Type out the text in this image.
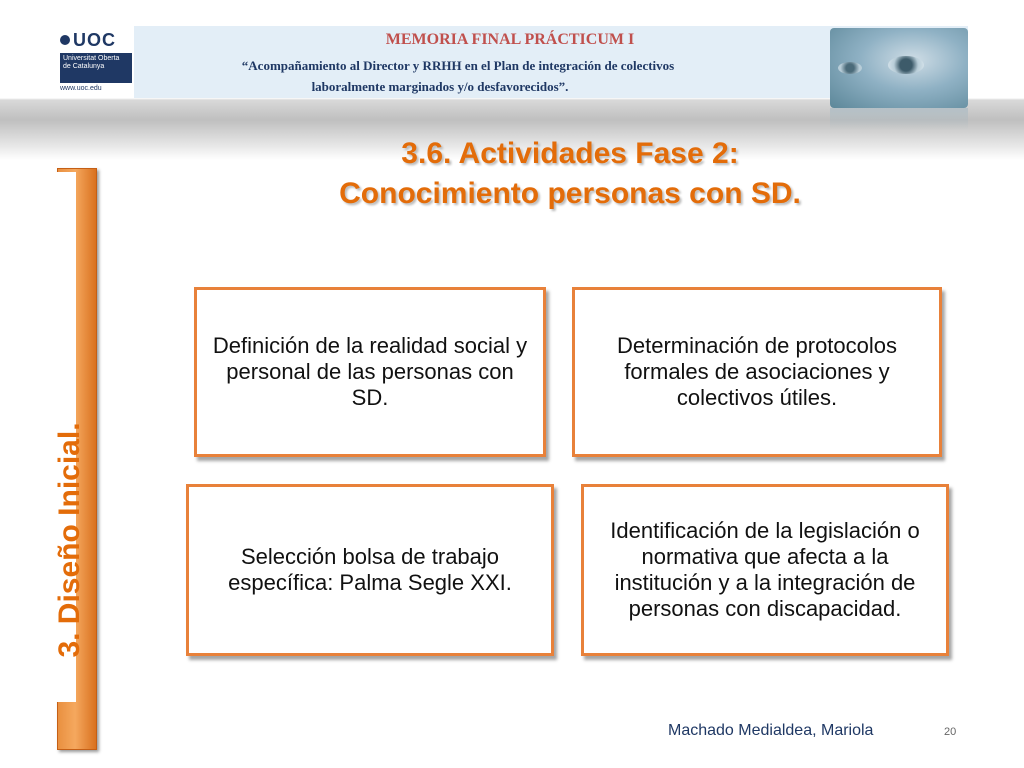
UOC
Universitat Oberta de Catalunya
www.uoc.edu
MEMORIA FINAL PRÁCTICUM I
“Acompañamiento al Director y RRHH en el Plan de integración de colectivos
laboralmente marginados y/o desfavorecidos”.
3.6. Actividades Fase 2:
Conocimiento personas con SD.
3. Diseño Inicial.
Definición de la realidad social y personal de las personas con SD.
Determinación de protocolos formales de asociaciones y colectivos útiles.
Selección bolsa de trabajo específica: Palma Segle XXI.
Identificación de la legislación o normativa que afecta a la institución y a la integración de personas con discapacidad.
Machado Medialdea, Mariola	20
